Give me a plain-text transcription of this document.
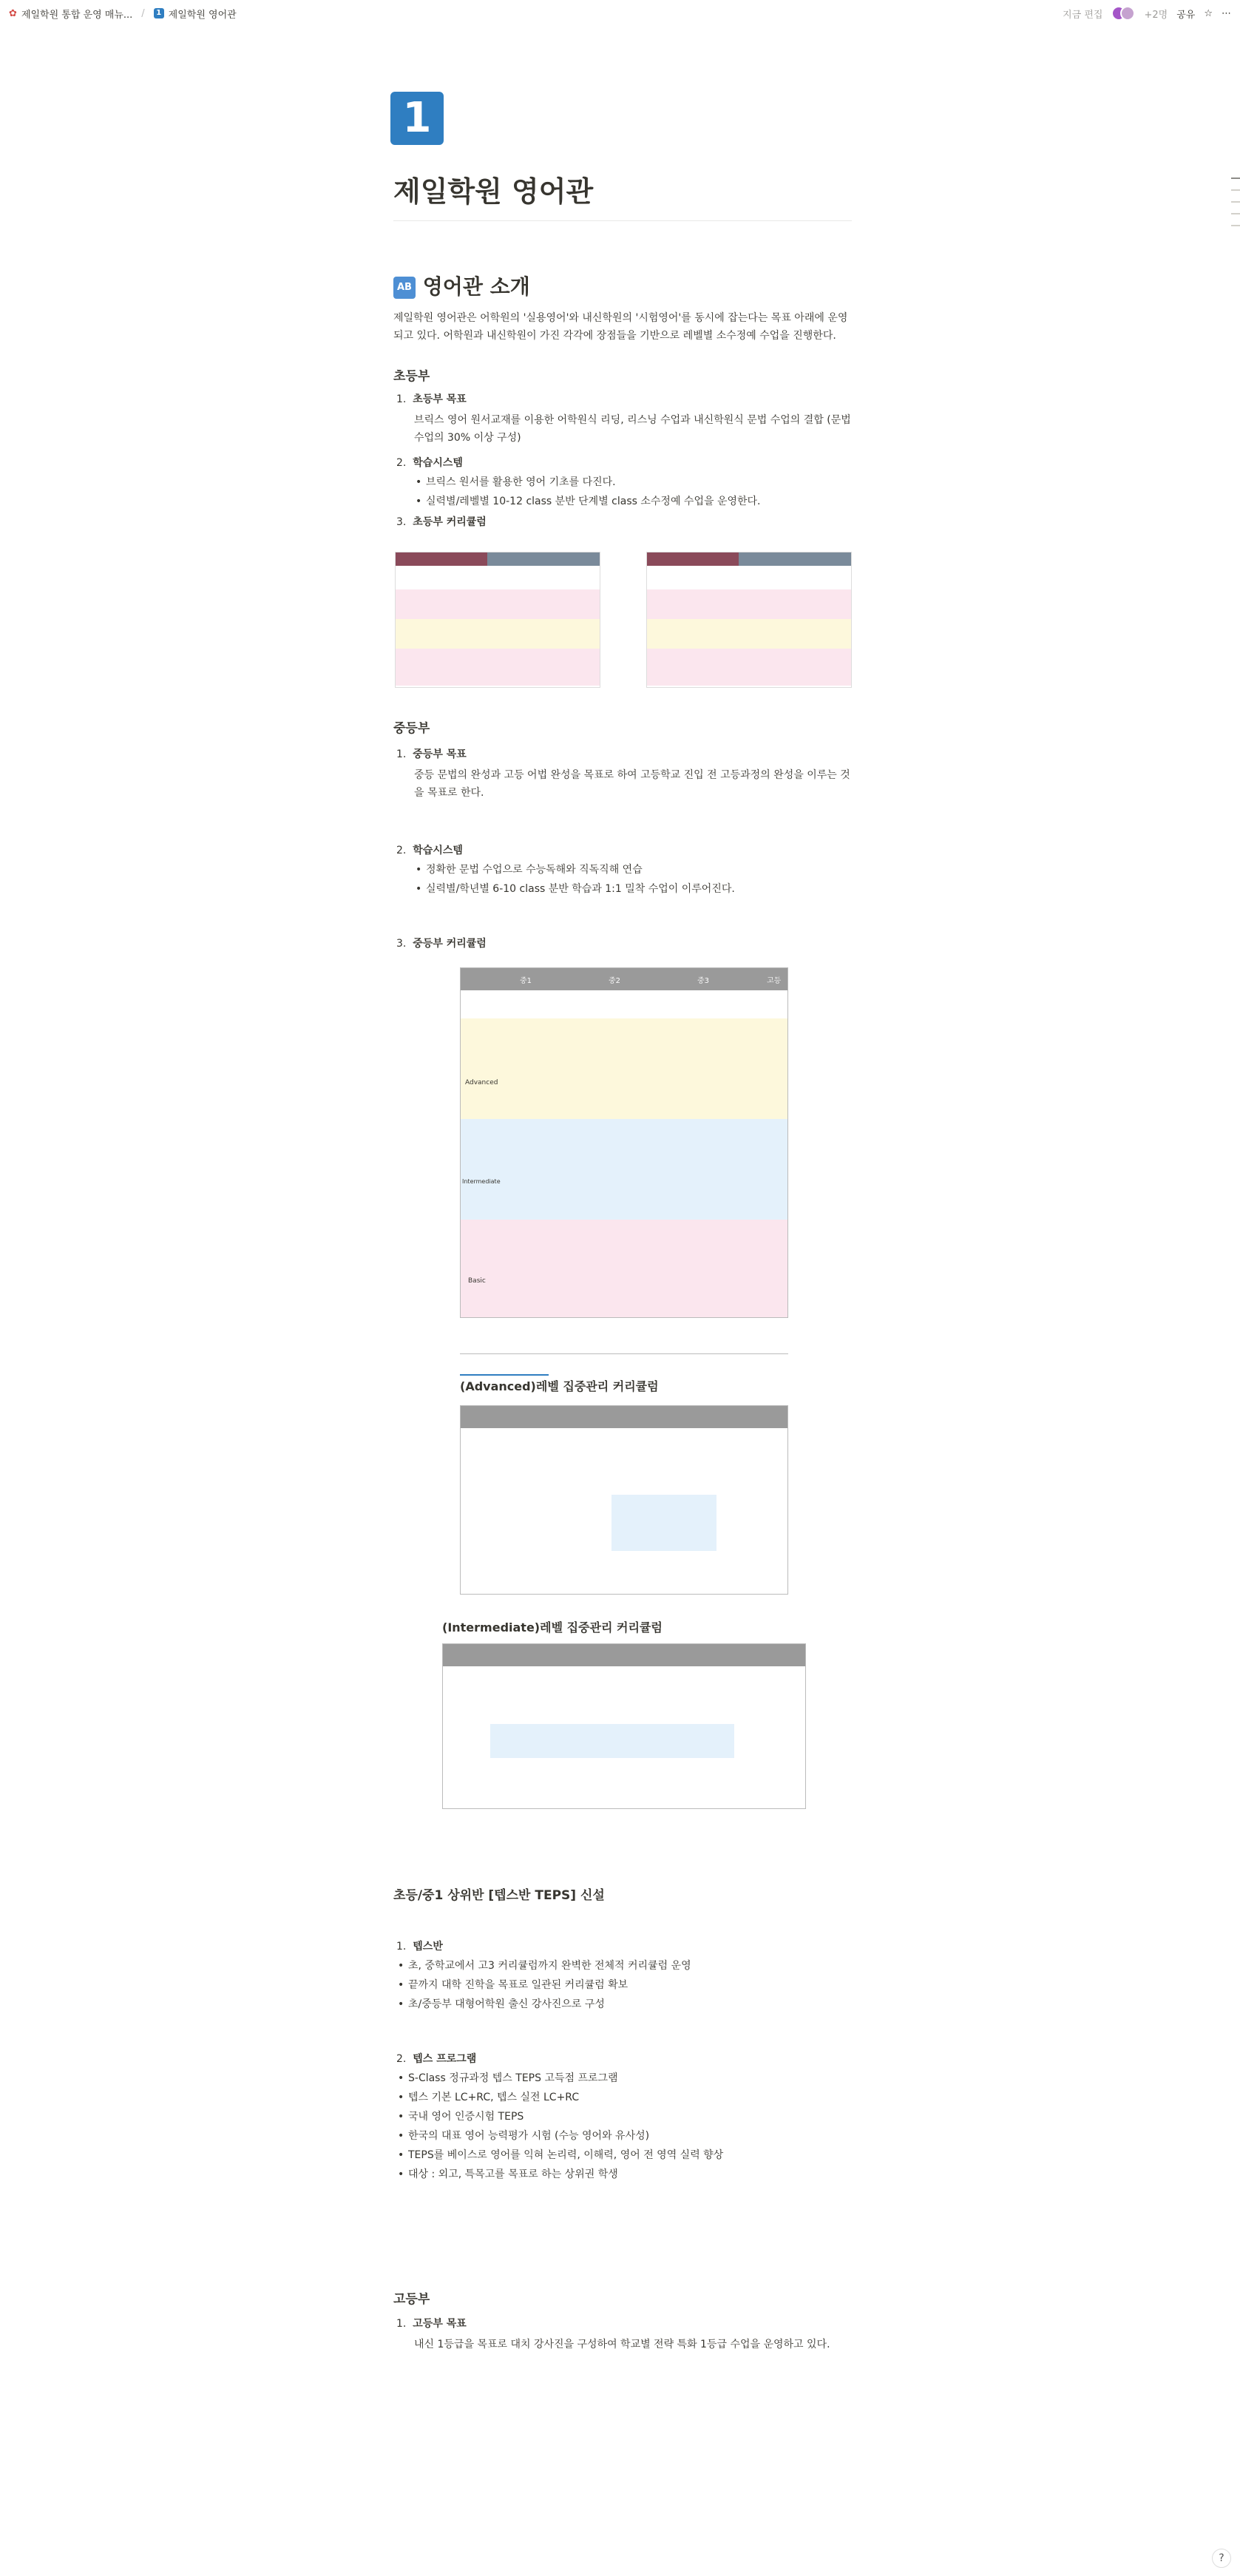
✿ 제일학원 통합 운영 매뉴... /	1 제일학원 영어관	지금 편집	+2명 공유 ☆ ⋯
1
제일학원 영어관
AB 영어관 소개

제일학원 영어관은 어학원의 '실용영어'와 내신학원의 '시험영어'를 동시에 잡는다는 목표 아래에 운영되고 있다. 어학원과 내신학원이 가진 각각에 장점들을 기반으로 레벨별 소수정예 수업을 진행한다.

초등부
1.  초등부 목표

브릭스 영어 원서교재를 이용한 어학원식 리딩, 리스닝 수업과 내신학원식 문법 수업의 결합 (문법 수업의 30% 이상 구성)

2.  학습시스템
• 브릭스 원서를 활용한 영어 기초를 다진다.
• 실력별/레벨별 10-12 class 분반 단계별 class 소수정예 수업을 운영한다.
3.  초등부 커리큘럼
중등부
1.  중등부 목표

중등 문법의 완성과 고등 어법 완성을 목표로 하여 고등학교 진입 전 고등과정의 완성을 이루는 것을 목표로 한다.

2.  학습시스템
• 정확한 문법 수업으로 수능독해와 직독직해 연습
• 실력별/학년별 6-10 class 분반 학습과 1:1 밀착 수업이 이루어진다.
3.  중등부 커리큘럼
Advanced
Intermediate
Basic
중1	중2	중3	고등
(Advanced)레벨 집중관리 커리큘럼
(Intermediate)레벨 집중관리 커리큘럼
초등/중1 상위반 [텝스반 TEPS] 신설
1.  텝스반
• 초, 중학교에서 고3 커리큘럼까지 완벽한 전체적 커리큘럼 운영
• 끝까지 대학 진학을 목표로 일관된 커리큘럼 확보
• 초/중등부 대형어학원 출신 강사진으로 구성
2.  텝스 프로그램
• S-Class 정규과정 텝스 TEPS 고득점 프로그램
• 텝스 기본 LC+RC, 텝스 실전 LC+RC
• 국내 영어 인증시험 TEPS
• 한국의 대표 영어 능력평가 시험 (수능 영어와 유사성)
• TEPS를 베이스로 영어를 익혀 논리력, 이해력, 영어 전 영역 실력 향상
• 대상 : 외고, 특목고를 목표로 하는 상위권 학생
고등부
1.  고등부 목표

내신 1등급을 목표로 대치 강사진을 구성하여 학교별 전략 특화 1등급 수업을 운영하고 있다.

?
